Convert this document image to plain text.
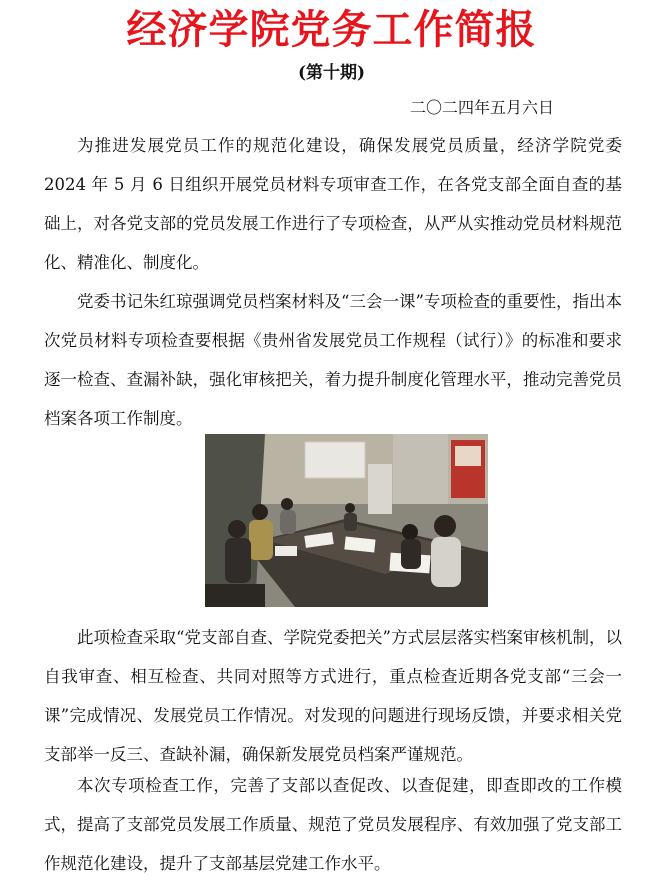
经济学院党务工作简报
(第十期)
二〇二四年五月六日

为推进发展党员工作的规范化建设，确保发展党员质量，经济学院党委 2024 年 5 月 6 日组织开展党员材料专项审查工作，在各党支部全面自查的基础上，对各党支部的党员发展工作进行了专项检查，从严从实推动党员材料规范化、精准化、制度化。

党委书记朱红琼强调党员档案材料及“三会一课”专项检查的重要性，指出本次党员材料专项检查要根据《贵州省发展党员工作规程（试行）》的标准和要求逐一检查、查漏补缺，强化审核把关，着力提升制度化管理水平，推动完善党员档案各项工作制度。

此项检查采取“党支部自查、学院党委把关”方式层层落实档案审核机制，以自我审查、相互检查、共同对照等方式进行，重点检查近期各党支部“三会一课”完成情况、发展党员工作情况。对发现的问题进行现场反馈，并要求相关党支部举一反三、查缺补漏，确保新发展党员档案严谨规范。

本次专项检查工作，完善了支部以查促改、以查促建，即查即改的工作模式，提高了支部党员发展工作质量、规范了党员发展程序、有效加强了党支部工作规范化建设，提升了支部基层党建工作水平。
